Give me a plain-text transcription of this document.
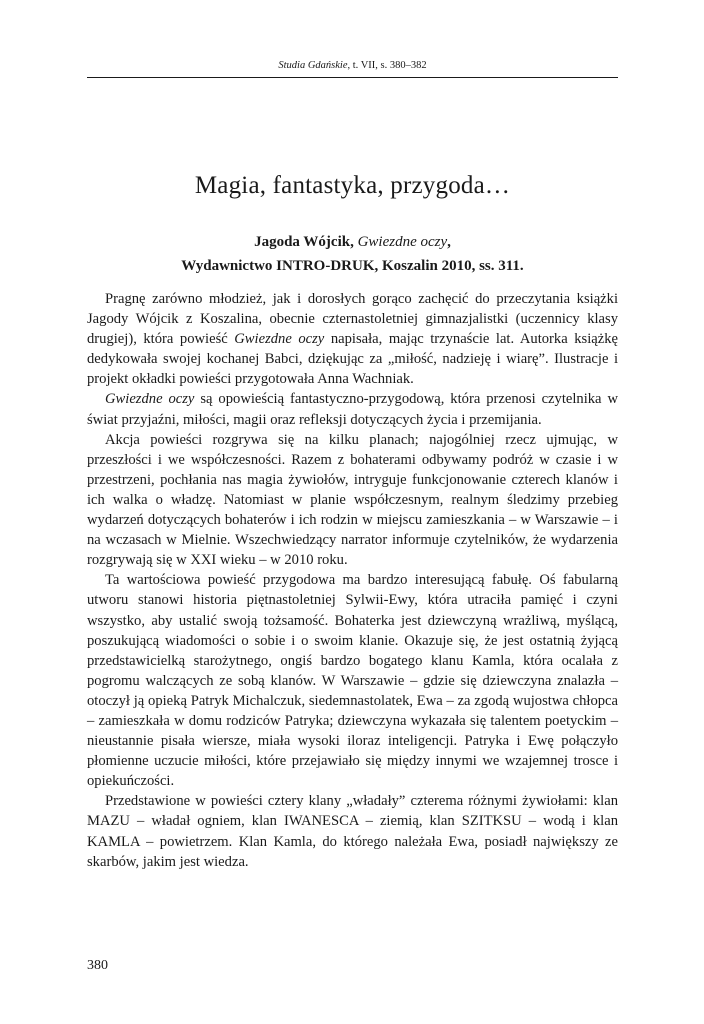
Studia Gdańskie, t. VII, s. 380–382
Magia, fantastyka, przygoda…
Jagoda Wójcik, Gwiezdne oczy,
Wydawnictwo INTRO-DRUK, Koszalin 2010, ss. 311.

Pragnę zarówno młodzież, jak i dorosłych gorąco zachęcić do przeczytania książki Jagody Wójcik z Koszalina, obecnie czternastoletniej gimnazjalistki (uczennicy klasy drugiej), która powieść Gwiezdne oczy napisała, mając trzynaście lat. Autorka książkę dedykowała swojej kochanej Babci, dziękując za „miłość, nadzieję i wiarę”. Ilustracje i projekt okładki powieści przygotowała Anna Wachniak.

Gwiezdne oczy są opowieścią fantastyczno-przygodową, która przenosi czytelnika w świat przyjaźni, miłości, magii oraz refleksji dotyczących życia i przemijania.

Akcja powieści rozgrywa się na kilku planach; najogólniej rzecz ujmując, w przeszłości i we współczesności. Razem z bohaterami odbywamy podróż w czasie i w przestrzeni, pochłania nas magia żywiołów, intryguje funkcjonowanie czterech klanów i ich walka o władzę. Natomiast w planie współczesnym, realnym śledzimy przebieg wydarzeń dotyczących bohaterów i ich rodzin w miejscu zamieszkania – w Warszawie – i na wczasach w Mielnie. Wszechwiedzący narrator informuje czytelników, że wydarzenia rozgrywają się w XXI wieku – w 2010 roku.

Ta wartościowa powieść przygodowa ma bardzo interesującą fabułę. Oś fabularną utworu stanowi historia piętnastoletniej Sylwii-Ewy, która utraciła pamięć i czyni wszystko, aby ustalić swoją tożsamość. Bohaterka jest dziewczyną wrażliwą, myślącą, poszukującą wiadomości o sobie i o swoim klanie. Okazuje się, że jest ostatnią żyjącą przedstawicielką starożytnego, ongiś bardzo bogatego klanu Kamla, która ocalała z pogromu walczących ze sobą klanów. W Warszawie – gdzie się dziewczyna znalazła – otoczył ją opieką Patryk Michalczuk, siedemnastolatek, Ewa – za zgodą wujostwa chłopca – zamieszkała w domu rodziców Patryka; dziewczyna wykazała się talentem poetyckim – nieustannie pisała wiersze, miała wysoki iloraz inteligencji. Patryka i Ewę połączyło płomienne uczucie miłości, które przejawiało się między innymi we wzajemnej trosce i opiekuńczości.

Przedstawione w powieści cztery klany „władały” czterema różnymi żywiołami: klan MAZU – władał ogniem, klan IWANESCA – ziemią, klan SZITKSU – wodą i klan KAMLA – powietrzem. Klan Kamla, do którego należała Ewa, posiadł największy ze skarbów, jakim jest wiedza.

380
